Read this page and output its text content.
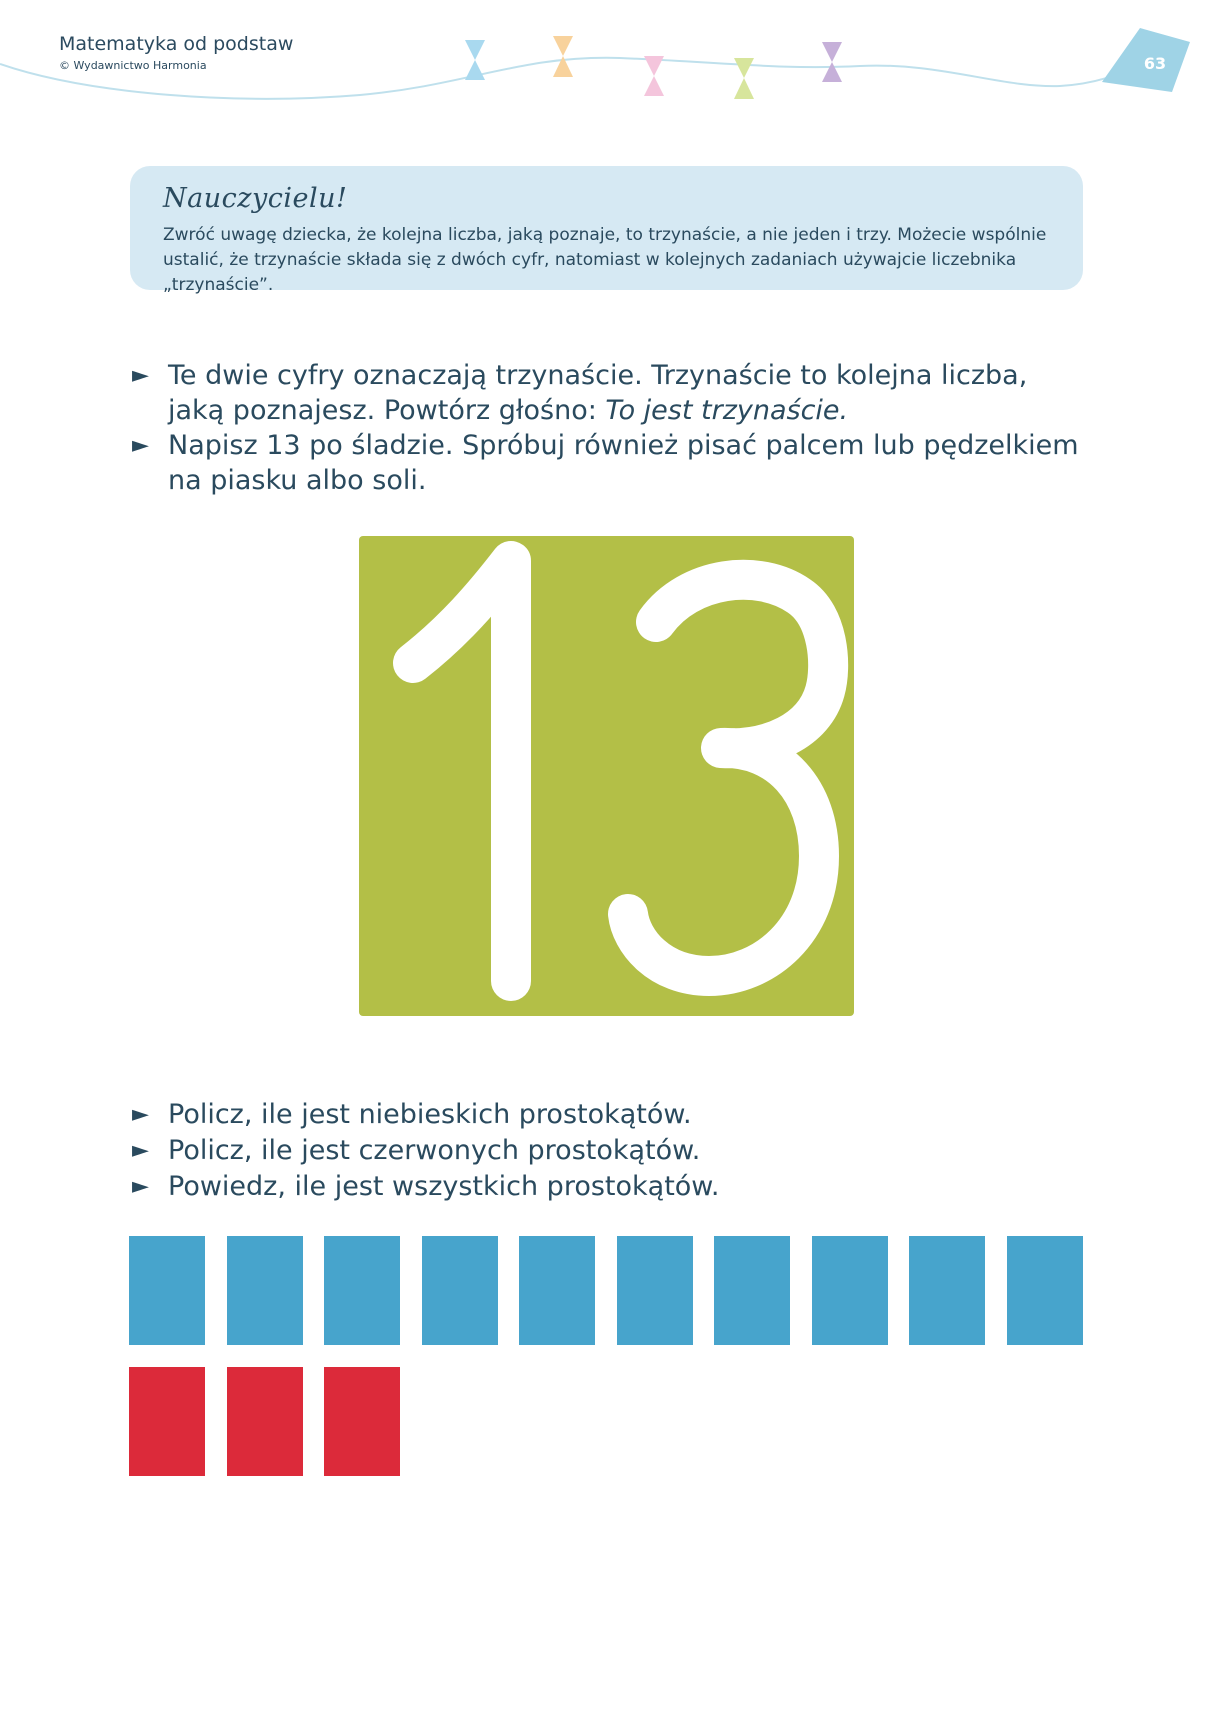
Matematyka od podstaw
© Wydawnictwo Harmonia	63
Nauczycielu!
Zwróć uwagę dziecka, że kolejna liczba, jaką poznaje, to trzynaście, a nie jeden i trzy. Możecie wspólnie ustalić, że trzynaście składa się z dwóch cyfr, natomiast w kolejnych zadaniach używajcie liczebnika „trzynaście”.
► Te dwie cyfry oznaczają trzynaście. Trzynaście to kolejna liczba, jaką poznajesz. Powtórz głośno: To jest trzynaście.
► Napisz 13 po śladzie. Spróbuj również pisać palcem lub pędzelkiem na piasku albo soli.
13
► Policz, ile jest niebieskich prostokątów.
► Policz, ile jest czerwonych prostokątów.
► Powiedz, ile jest wszystkich prostokątów.
